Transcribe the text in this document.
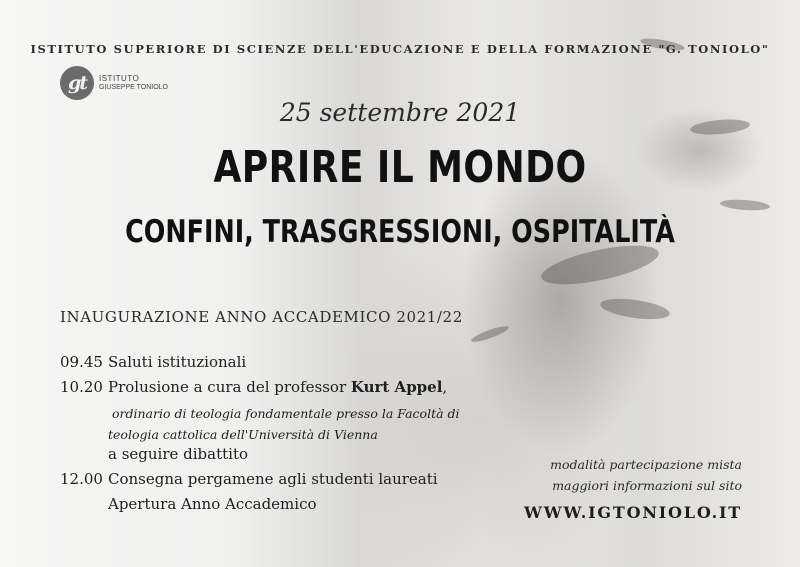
ISTITUTO SUPERIORE DI SCIENZE DELL'EDUCAZIONE E DELLA FORMAZIONE "G. TONIOLO"
gt	ISTITUTO
GIUSEPPE TONIOLO
25 settembre 2021
APRIRE IL MONDO
CONFINI, TRASGRESSIONI, OSPITALITÀ
INAUGURAZIONE ANNO ACCADEMICO 2021/22
09.45 Saluti istituzionali
10.20 Prolusione a cura del professor Kurt Appel,
ordinario di teologia fondamentale presso la Facoltà di
teologia cattolica dell'Università di Vienna
a seguire dibattito
12.00 Consegna pergamene agli studenti laureati
Apertura Anno Accademico
modalità partecipazione mista
maggiori informazioni sul sito
WWW.IGTONIOLO.IT
